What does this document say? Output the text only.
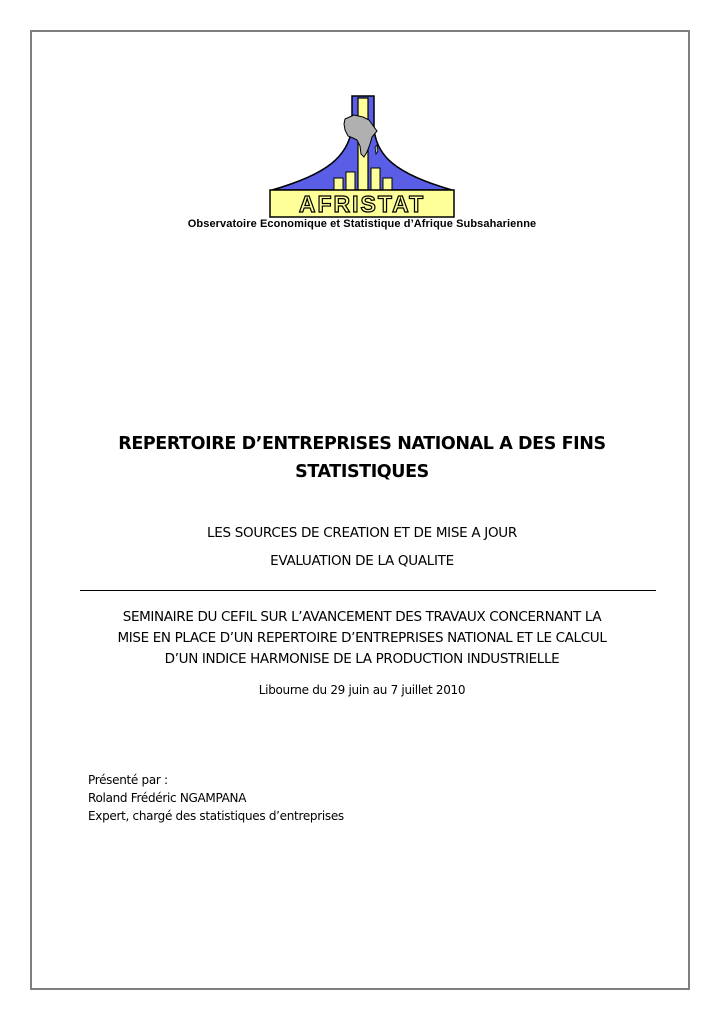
AFRISTAT
Observatoire Economique et Statistique d’Afrique Subsaharienne
REPERTOIRE D’ENTREPRISES NATIONAL A DES FINS
STATISTIQUES
LES SOURCES DE CREATION ET DE MISE A JOUR
EVALUATION DE LA QUALITE
SEMINAIRE DU CEFIL SUR L’AVANCEMENT DES TRAVAUX CONCERNANT LA
MISE EN PLACE D’UN REPERTOIRE D’ENTREPRISES NATIONAL ET LE CALCUL
D’UN INDICE HARMONISE DE LA PRODUCTION INDUSTRIELLE
Libourne du 29 juin au 7 juillet 2010
Présenté par :
Roland Frédéric NGAMPANA
Expert, chargé des statistiques d’entreprises
